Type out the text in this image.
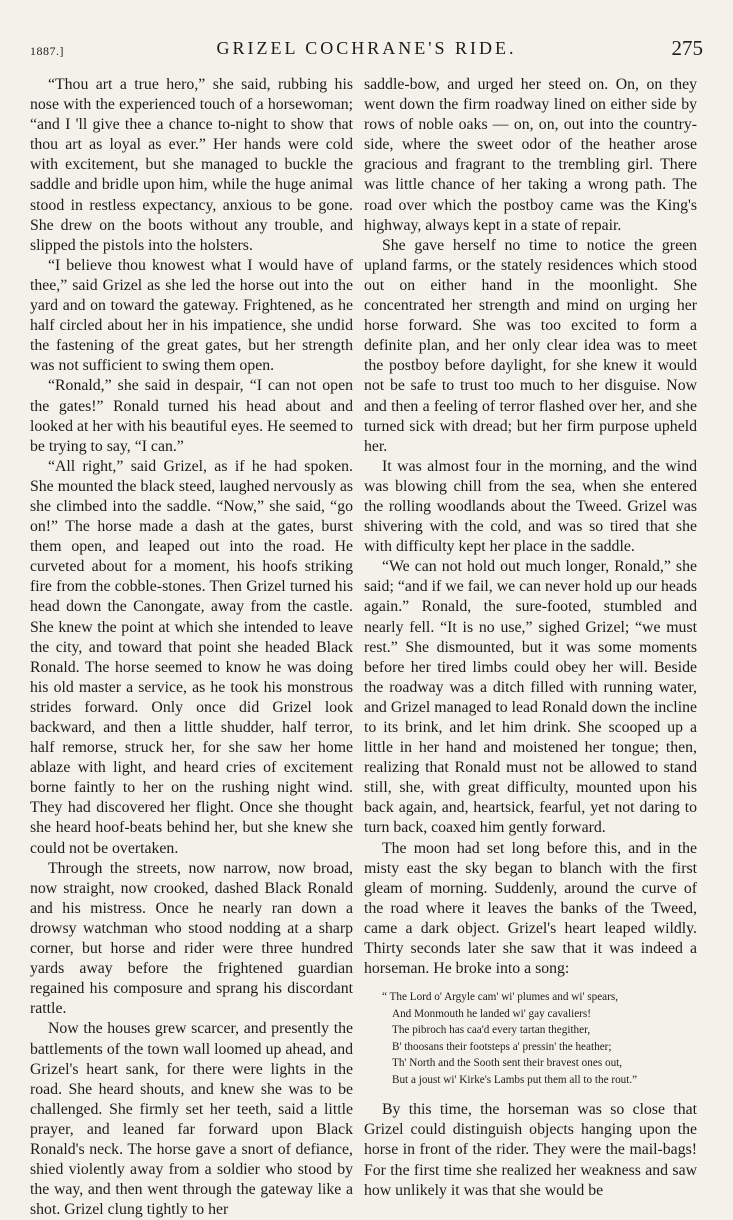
1887.]	GRIZEL COCHRANE'S RIDE.	275

“Thou art a true hero,” she said, rubbing his nose with the experienced touch of a horsewoman; “and I 'll give thee a chance to-night to show that thou art as loyal as ever.” Her hands were cold with excitement, but she managed to buckle the saddle and bridle upon him, while the huge animal stood in restless expectancy, anxious to be gone. She drew on the boots without any trouble, and slipped the pistols into the holsters.

“I believe thou knowest what I would have of thee,” said Grizel as she led the horse out into the yard and on toward the gateway. Frightened, as he half circled about her in his impatience, she undid the fastening of the great gates, but her strength was not sufficient to swing them open.

“Ronald,” she said in despair, “I can not open the gates!” Ronald turned his head about and looked at her with his beautiful eyes. He seemed to be trying to say, “I can.”

“All right,” said Grizel, as if he had spoken. She mounted the black steed, laughed nervously as she climbed into the saddle. “Now,” she said, “go on!” The horse made a dash at the gates, burst them open, and leaped out into the road. He curveted about for a moment, his hoofs striking fire from the cobble-stones. Then Grizel turned his head down the Canongate, away from the castle. She knew the point at which she intended to leave the city, and toward that point she headed Black Ronald. The horse seemed to know he was doing his old master a service, as he took his monstrous strides forward. Only once did Grizel look backward, and then a little shudder, half terror, half remorse, struck her, for she saw her home ablaze with light, and heard cries of excitement borne faintly to her on the rushing night wind. They had discovered her flight. Once she thought she heard hoof-beats behind her, but she knew she could not be overtaken.

Through the streets, now narrow, now broad, now straight, now crooked, dashed Black Ronald and his mistress. Once he nearly ran down a drowsy watchman who stood nodding at a sharp corner, but horse and rider were three hundred yards away before the frightened guardian regained his composure and sprang his discordant rattle.

Now the houses grew scarcer, and presently the battlements of the town wall loomed up ahead, and Grizel's heart sank, for there were lights in the road. She heard shouts, and knew she was to be challenged. She firmly set her teeth, said a little prayer, and leaned far forward upon Black Ronald's neck. The horse gave a snort of defiance, shied violently away from a soldier who stood by the way, and then went through the gateway like a shot. Grizel clung tightly to her

saddle-bow, and urged her steed on. On, on they went down the firm roadway lined on either side by rows of noble oaks — on, on, out into the country-side, where the sweet odor of the heather arose gracious and fragrant to the trembling girl. There was little chance of her taking a wrong path. The road over which the postboy came was the King's highway, always kept in a state of repair.

She gave herself no time to notice the green upland farms, or the stately residences which stood out on either hand in the moonlight. She concentrated her strength and mind on urging her horse forward. She was too excited to form a definite plan, and her only clear idea was to meet the postboy before daylight, for she knew it would not be safe to trust too much to her disguise. Now and then a feeling of terror flashed over her, and she turned sick with dread; but her firm purpose upheld her.

It was almost four in the morning, and the wind was blowing chill from the sea, when she entered the rolling woodlands about the Tweed. Grizel was shivering with the cold, and was so tired that she with difficulty kept her place in the saddle.

“We can not hold out much longer, Ronald,” she said; “and if we fail, we can never hold up our heads again.” Ronald, the sure-footed, stumbled and nearly fell. “It is no use,” sighed Grizel; “we must rest.” She dismounted, but it was some moments before her tired limbs could obey her will. Beside the roadway was a ditch filled with running water, and Grizel managed to lead Ronald down the incline to its brink, and let him drink. She scooped up a little in her hand and moistened her tongue; then, realizing that Ronald must not be allowed to stand still, she, with great difficulty, mounted upon his back again, and, heartsick, fearful, yet not daring to turn back, coaxed him gently forward.

The moon had set long before this, and in the misty east the sky began to blanch with the first gleam of morning. Suddenly, around the curve of the road where it leaves the banks of the Tweed, came a dark object. Grizel's heart leaped wildly. Thirty seconds later she saw that it was indeed a horseman. He broke into a song:

“ The Lord o' Argyle cam' wi' plumes and wi' spears,
And Monmouth he landed wi' gay cavaliers!
The pibroch has caa'd every tartan thegither,
B' thoosans their footsteps a' pressin' the heather;
Th' North and the Sooth sent their bravest ones out,
But a joust wi' Kirke's Lambs put them all to the rout.”

By this time, the horseman was so close that Grizel could distinguish objects hanging upon the horse in front of the rider. They were the mail-bags! For the first time she realized her weakness and saw how unlikely it was that she would be
